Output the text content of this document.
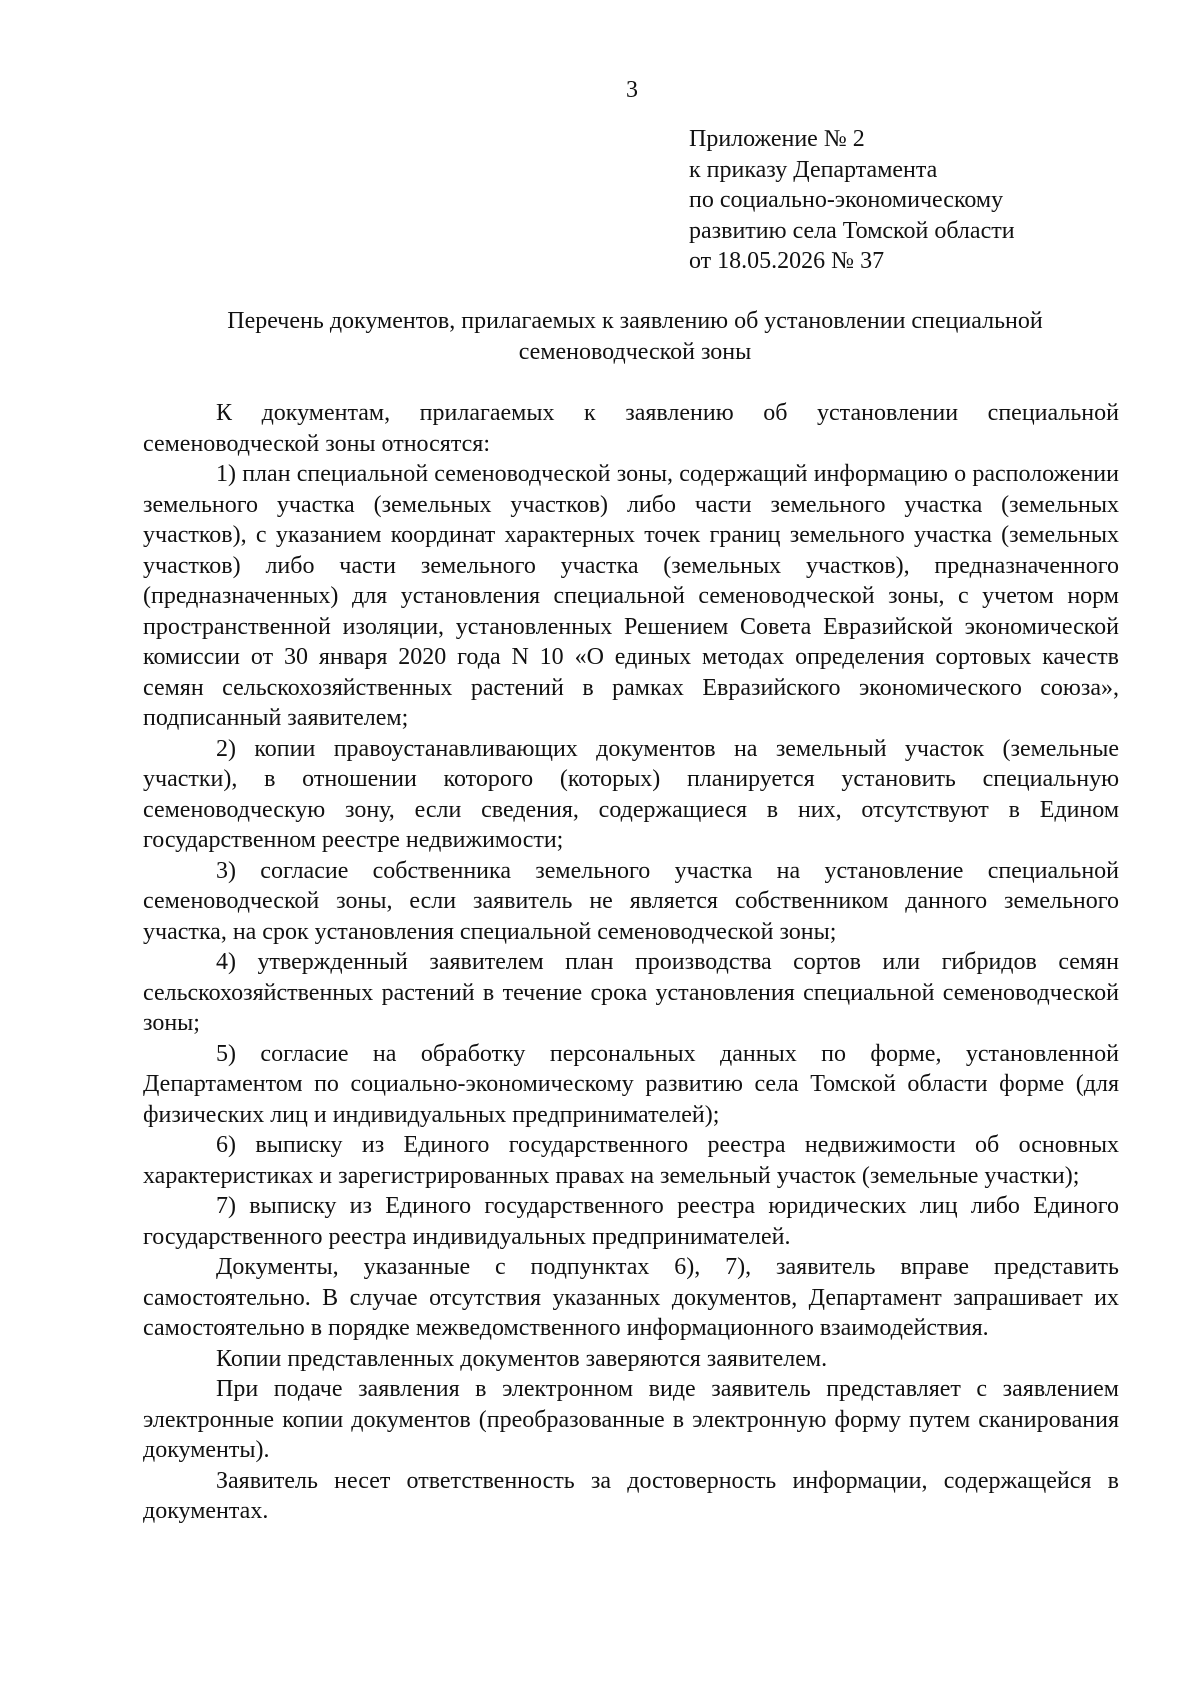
3
Приложение № 2
к приказу Департамента
по социально-экономическому
развитию села Томской области
от 18.05.2026 № 37
Перечень документов, прилагаемых к заявлению об установлении специальной семеноводческой зоны

К документам, прилагаемых к заявлению об установлении специальной семеноводческой зоны относятся:

1) план специальной семеноводческой зоны, содержащий информацию о расположении земельного участка (земельных участков) либо части земельного участка (земельных участков), с указанием координат характерных точек границ земельного участка (земельных участков) либо части земельного участка (земельных участков), предназначенного (предназначенных) для установления специальной семеноводческой зоны, с учетом норм пространственной изоляции, установленных Решением Совета Евразийской экономической комиссии от 30 января 2020 года N 10 «О единых методах определения сортовых качеств семян сельскохозяйственных растений в рамках Евразийского экономического союза», подписанный заявителем;

2) копии правоустанавливающих документов на земельный участок (земельные участки), в отношении которого (которых) планируется установить специальную семеноводческую зону, если сведения, содержащиеся в них, отсутствуют в Едином государственном реестре недвижимости;

3) согласие собственника земельного участка на установление специальной семеноводческой зоны, если заявитель не является собственником данного земельного участка, на срок установления специальной семеноводческой зоны;

4) утвержденный заявителем план производства сортов или гибридов семян сельскохозяйственных растений в течение срока установления специальной семеноводческой зоны;

5) согласие на обработку персональных данных по форме, установленной Департаментом по социально-экономическому развитию села Томской области форме (для физических лиц и индивидуальных предпринимателей);

6) выписку из Единого государственного реестра недвижимости об основных характеристиках и зарегистрированных правах на земельный участок (земельные участки);

7) выписку из Единого государственного реестра юридических лиц либо Единого государственного реестра индивидуальных предпринимателей.

Документы, указанные с подпунктах 6), 7), заявитель вправе представить самостоятельно. В случае отсутствия указанных документов, Департамент запрашивает их самостоятельно в порядке межведомственного информационного взаимодействия.

Копии представленных документов заверяются заявителем.

При подаче заявления в электронном виде заявитель представляет с заявлением электронные копии документов (преобразованные в электронную форму путем сканирования документы).

Заявитель несет ответственность за достоверность информации, содержащейся в документах.
